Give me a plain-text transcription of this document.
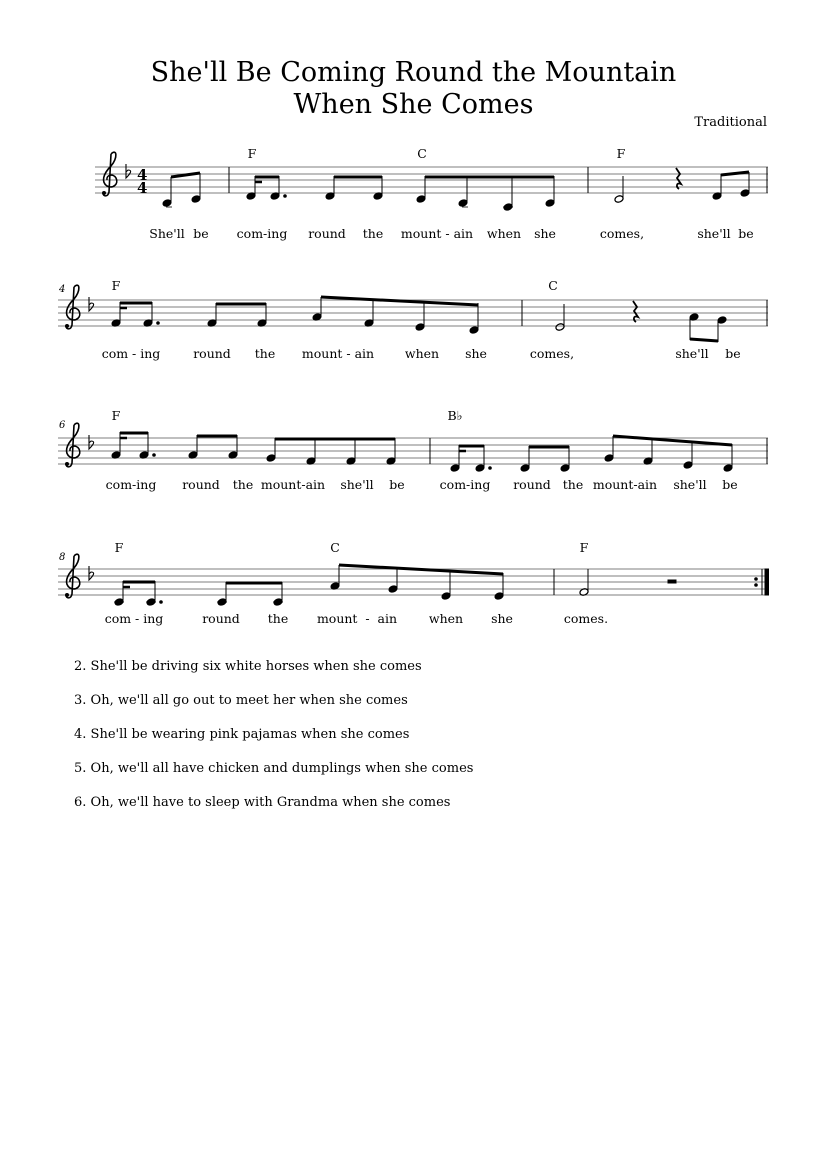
She'll Be Coming Round the Mountain
When She Comes
Traditional
4
4
F	C	F
She'll be com-ing round the mount - ain when she	comes,	she'll be
4	F	C
com - ing	round the mount - ain when she	comes,	she'll be
6
F	B♭
com-ing round the mount-ain she'll be	com-ing round the mount-ain she'll be
8
F	C	F
com - ing	round the mount  -  ain	when she	comes.
2. She'll be driving six white horses when she comes
3. Oh, we'll all go out to meet her when she comes
4. She'll be wearing pink pajamas when she comes
5. Oh, we'll all have chicken and dumplings when she comes
6. Oh, we'll have to sleep with Grandma when she comes
